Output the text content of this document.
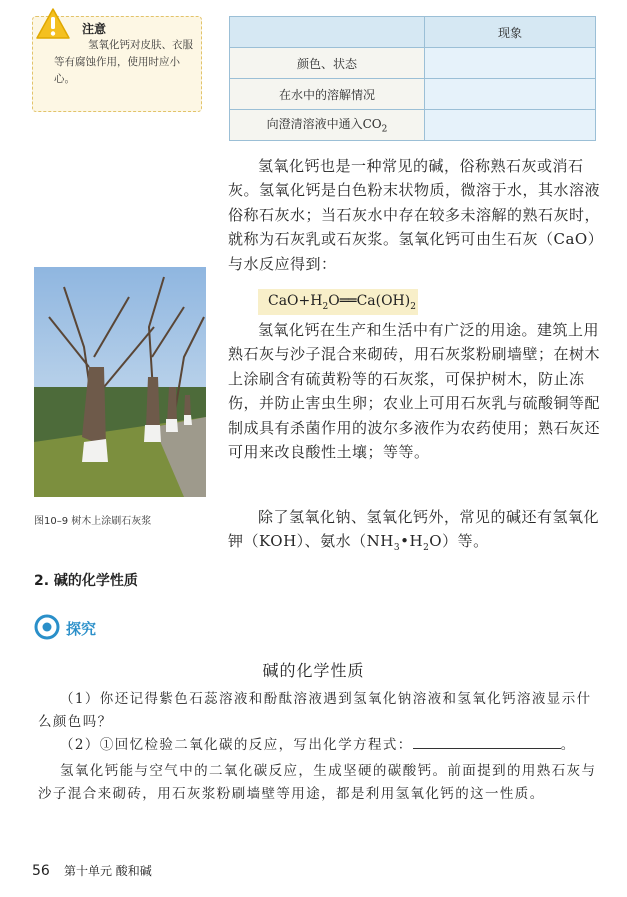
注意
氢氧化钙对皮肤、衣服等有腐蚀作用，使用时应小心。
	现象
颜色、状态	
在水中的溶解情况	
向澄清溶液中通入$CO_2$	
氢氧化钙也是一种常见的碱，俗称熟石灰或消石灰。氢氧化钙是白色粉末状物质，微溶于水，其水溶液俗称石灰水；当石灰水中存在较多未溶解的熟石灰时，就称为石灰乳或石灰浆。氢氧化钙可由生石灰（CaO）与水反应得到：
$CaO+H_2O══Ca(OH)_2$
氢氧化钙在生产和生活中有广泛的用途。建筑上用熟石灰与沙子混合来砌砖，用石灰浆粉刷墙壁；在树木上涂刷含有硫黄粉等的石灰浆，可保护树木，防止冻伤，并防止害虫生卵；农业上可用石灰乳与硫酸铜等配制成具有杀菌作用的波尔多液作为农药使用；熟石灰还可用来改良酸性土壤；等等。
图10–9 树木上涂刷石灰浆	除了氢氧化钠、氢氧化钙外，常见的碱还有氢氧化钾（KOH）、氨水$(NH_3•H_2O)$等。
2. 碱的化学性质
探究
碱的化学性质
（1）你还记得紫色石蕊溶液和酚酞溶液遇到氢氧化钠溶液和氢氧化钙溶液显示什么颜色吗？
（2）①回忆检验二氧化碳的反应，写出化学方程式：	。
氢氧化钙能与空气中的二氧化碳反应，生成坚硬的碳酸钙。前面提到的用熟石灰与沙子混合来砌砖，用石灰浆粉刷墙壁等用途，都是利用氢氧化钙的这一性质。
56 第十单元 酸和碱
